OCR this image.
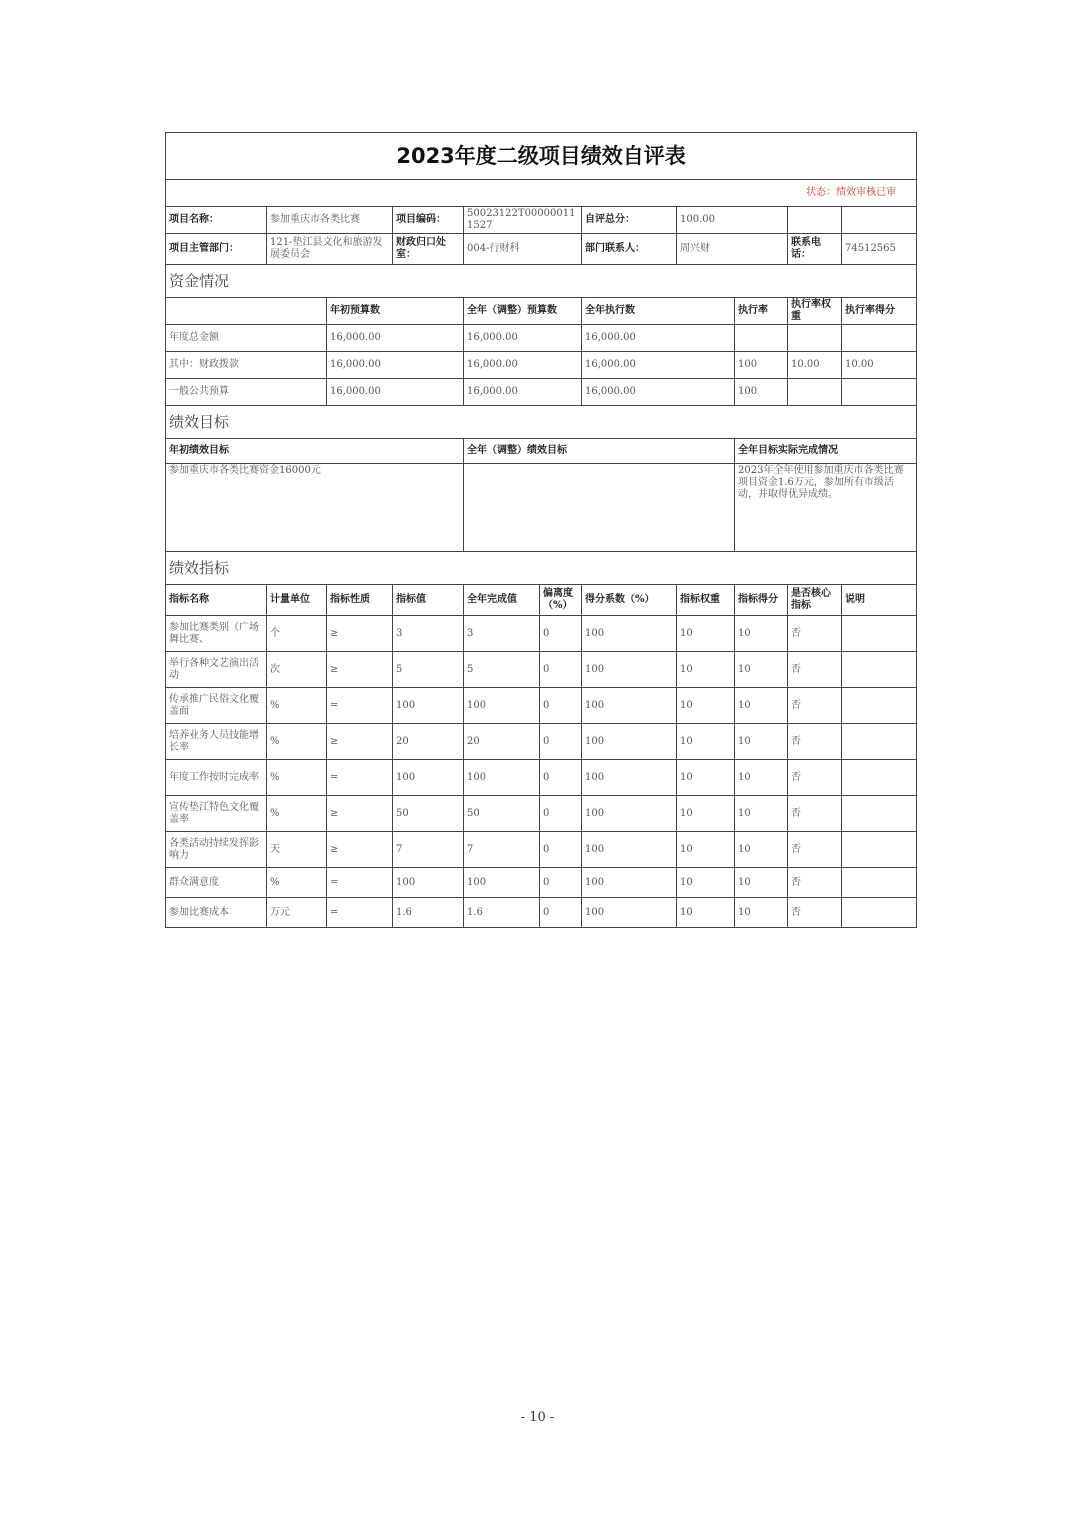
2023年度二级项目绩效自评表										
状态：绩效审核已审										
项目名称：	参加重庆市各类比赛		项目编码：	50023122T000000111527		自评总分：	100.00			
项目主管部门：	121-垫江县文化和旅游发展委员会		财政归口处室：	004-行财科		部门联系人：	周兴财		联系电话：	74512565
资金情况										
		年初预算数		全年（调整）预算数		全年执行数		执行率	执行率权重	执行率得分
年度总金额		16,000.00		16,000.00		16,000.00				
其中：财政拨款		16,000.00		16,000.00		16,000.00		100	10.00	10.00
一般公共预算		16,000.00		16,000.00		16,000.00		100		
绩效目标										
年初绩效目标				全年（调整）绩效目标				全年目标实际完成情况		
参加重庆市各类比赛资金16000元								2023年全年使用参加重庆市各类比赛项目资金1.6万元，参加所有市级活动，并取得优异成绩。		
绩效指标										
指标名称	计量单位	指标性质	指标值	全年完成值	偏离度（%）	得分系数（%）	指标权重	指标得分	是否核心指标	说明
参加比赛类别（广场舞比赛、	个	≥	3	3	0	100	10	10	否	
举行各种文艺演出活动	次	≥	5	5	0	100	10	10	否	
传承推广民俗文化覆盖面	%	=	100	100	0	100	10	10	否	
培养业务人员技能增长率	%	≥	20	20	0	100	10	10	否	
年度工作按时完成率	%	=	100	100	0	100	10	10	否	
宣传垫江特色文化覆盖率	%	≥	50	50	0	100	10	10	否	
各类活动持续发挥影响力	天	≥	7	7	0	100	10	10	否	
群众满意度	%	=	100	100	0	100	10	10	否	
参加比赛成本	万元	=	1.6	1.6	0	100	10	10	否	
- 10 -
